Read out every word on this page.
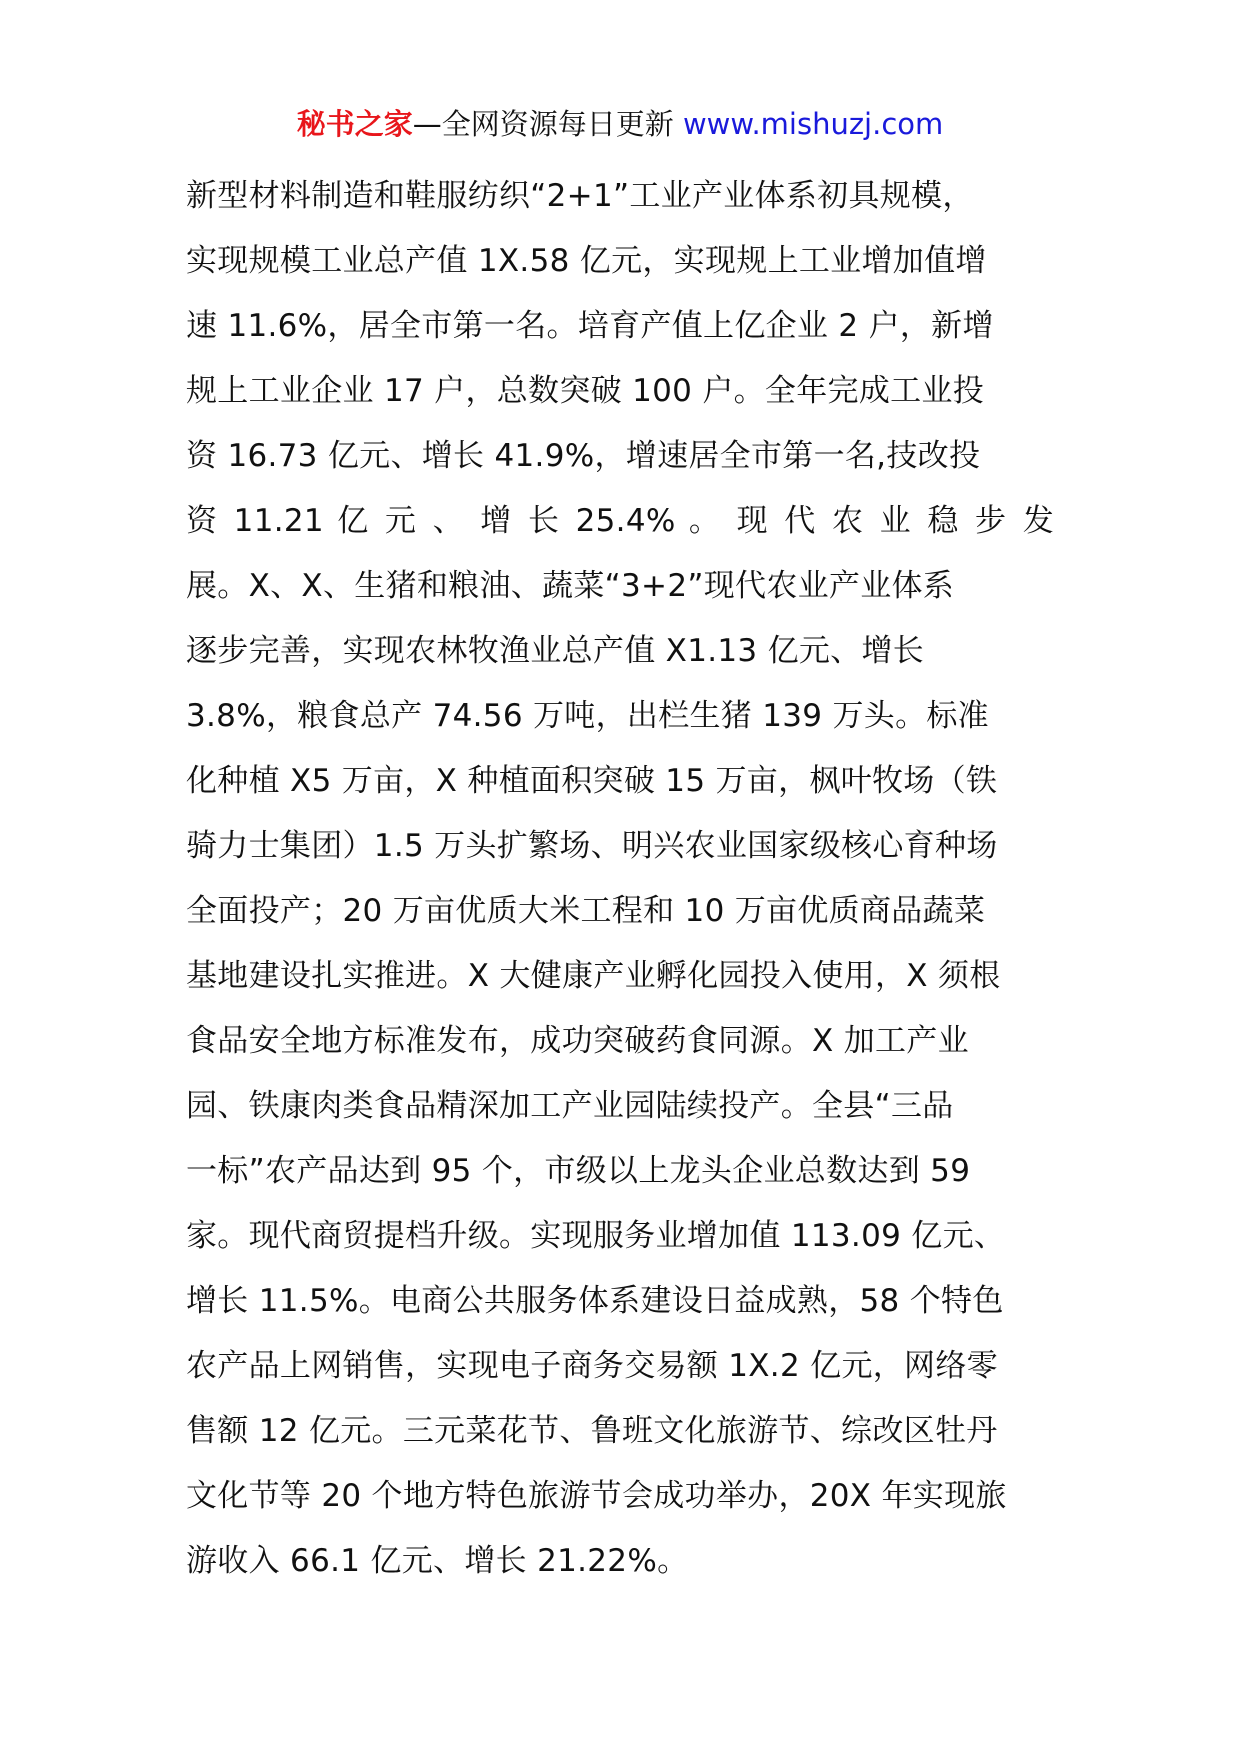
秘书之家—全网资源每日更新 www.mishuzj.com
新型材料制造和鞋服纺织“2+1”工业产业体系初具规模，
实现规模工业总产值 1X.58 亿元，实现规上工业增加值增
速 11.6%，居全市第一名。培育产值上亿企业 2 户，新增
规上工业企业 17 户，总数突破 100 户。全年完成工业投
资 16.73 亿元、增长 41.9%，增速居全市第一名,技改投
资 11.21 亿 元 、 增 长 25.4% 。 现 代 农 业 稳 步 发
展。X、X、生猪和粮油、蔬菜“3+2”现代农业产业体系
逐步完善，实现农林牧渔业总产值 X1.13 亿元、增长
3.8%，粮食总产 74.56 万吨，出栏生猪 139 万头。标准
化种植 X5 万亩，X 种植面积突破 15 万亩，枫叶牧场（铁
骑力士集团）1.5 万头扩繁场、明兴农业国家级核心育种场
全面投产；20 万亩优质大米工程和 10 万亩优质商品蔬菜
基地建设扎实推进。X 大健康产业孵化园投入使用，X 须根
食品安全地方标准发布，成功突破药食同源。X 加工产业
园、铁康肉类食品精深加工产业园陆续投产。全县“三品
一标”农产品达到 95 个，市级以上龙头企业总数达到 59
家。现代商贸提档升级。实现服务业增加值 113.09 亿元、
增长 11.5%。电商公共服务体系建设日益成熟，58 个特色
农产品上网销售，实现电子商务交易额 1X.2 亿元，网络零
售额 12 亿元。三元菜花节、鲁班文化旅游节、综改区牡丹
文化节等 20 个地方特色旅游节会成功举办，20X 年实现旅
游收入 66.1 亿元、增长 21.22%。
